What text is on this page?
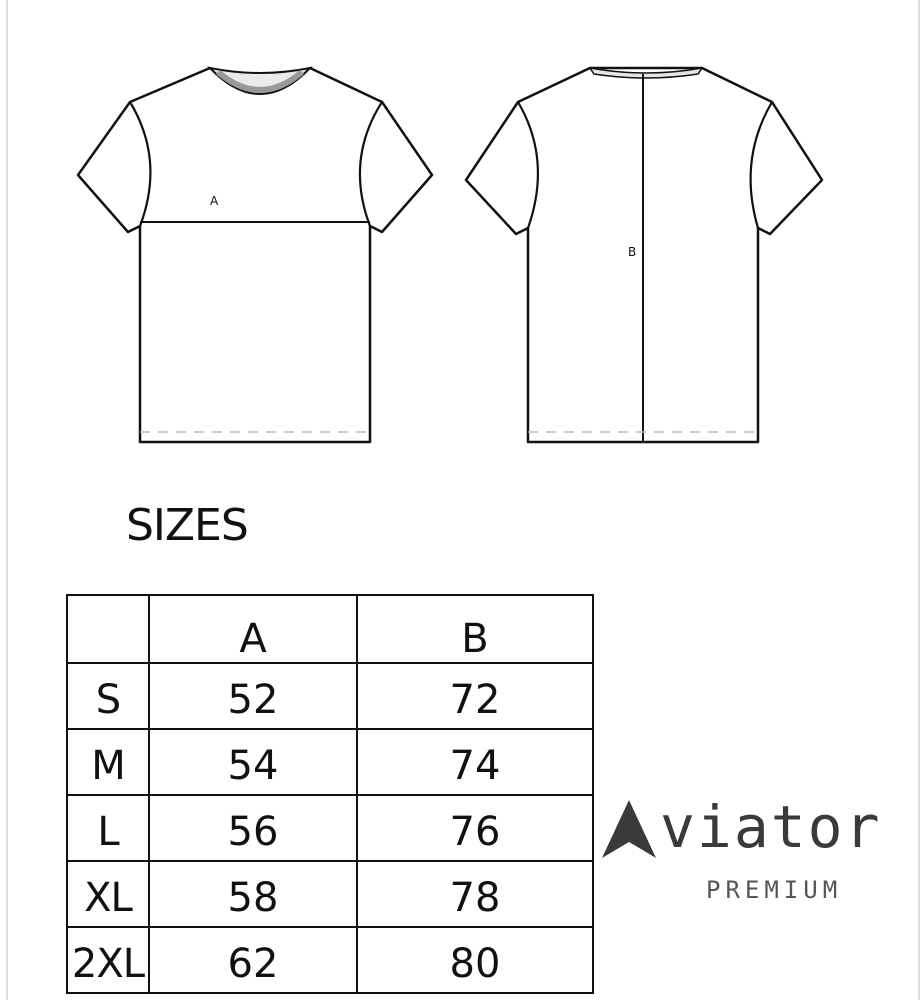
A
B
SIZES
	A	B
S	52	72
M	54	74
L	56	76
XL	58	78
2XL	62	80
viator
PREMIUM
